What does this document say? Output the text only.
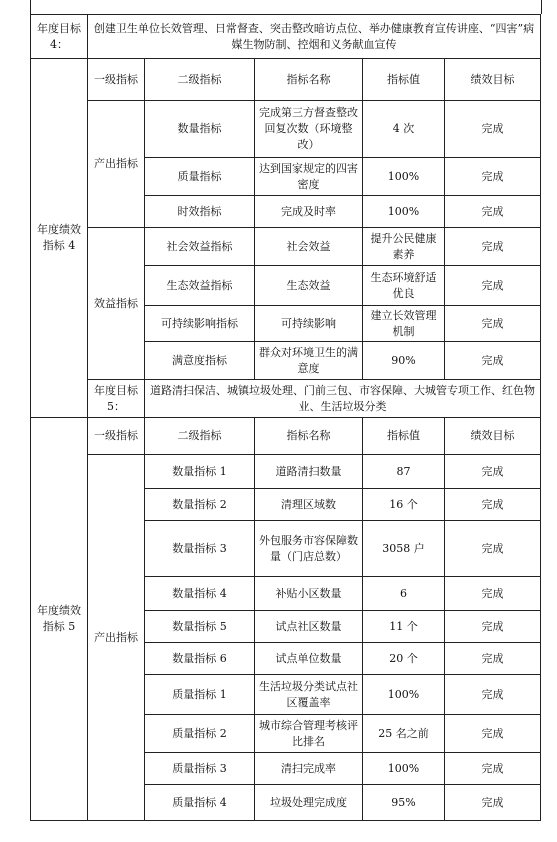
年度目标 4：	创建卫生单位长效管理、日常督查、突击整改暗访点位、举办健康教育宣传讲座、“四害”病媒生物防制、控烟和义务献血宣传				
年度绩效指标 4	一级指标	二级指标	指标名称	指标值	绩效目标
	产出指标	数量指标	完成第三方督查整改回复次数（环境整改）	4 次	完成
		质量指标	达到国家规定的四害密度	100%	完成
		时效指标	完成及时率	100%	完成
	效益指标	社会效益指标	社会效益	提升公民健康素养	完成
		生态效益指标	生态效益	生态环境舒适优良	完成
		可持续影响指标	可持续影响	建立长效管理机制	完成
		满意度指标	群众对环境卫生的满意度	90%	完成
	年度目标 5：	道路清扫保洁、城镇垃圾处理、门前三包、市容保障、大城管专项工作、红色物业、生活垃圾分类			
年度绩效指标 5	一级指标	二级指标	指标名称	指标值	绩效目标
	产出指标	数量指标 1	道路清扫数量	87	完成
		数量指标 2	清理区域数	16 个	完成
		数量指标 3	外包服务市容保障数量（门店总数）	3058 户	完成
		数量指标 4	补贴小区数量	6	完成
		数量指标 5	试点社区数量	11 个	完成
		数量指标 6	试点单位数量	20 个	完成
		质量指标 1	生活垃圾分类试点社区覆盖率	100%	完成
		质量指标 2	城市综合管理考核评比排名	25 名之前	完成
		质量指标 3	清扫完成率	100%	完成
		质量指标 4	垃圾处理完成度	95%	完成
